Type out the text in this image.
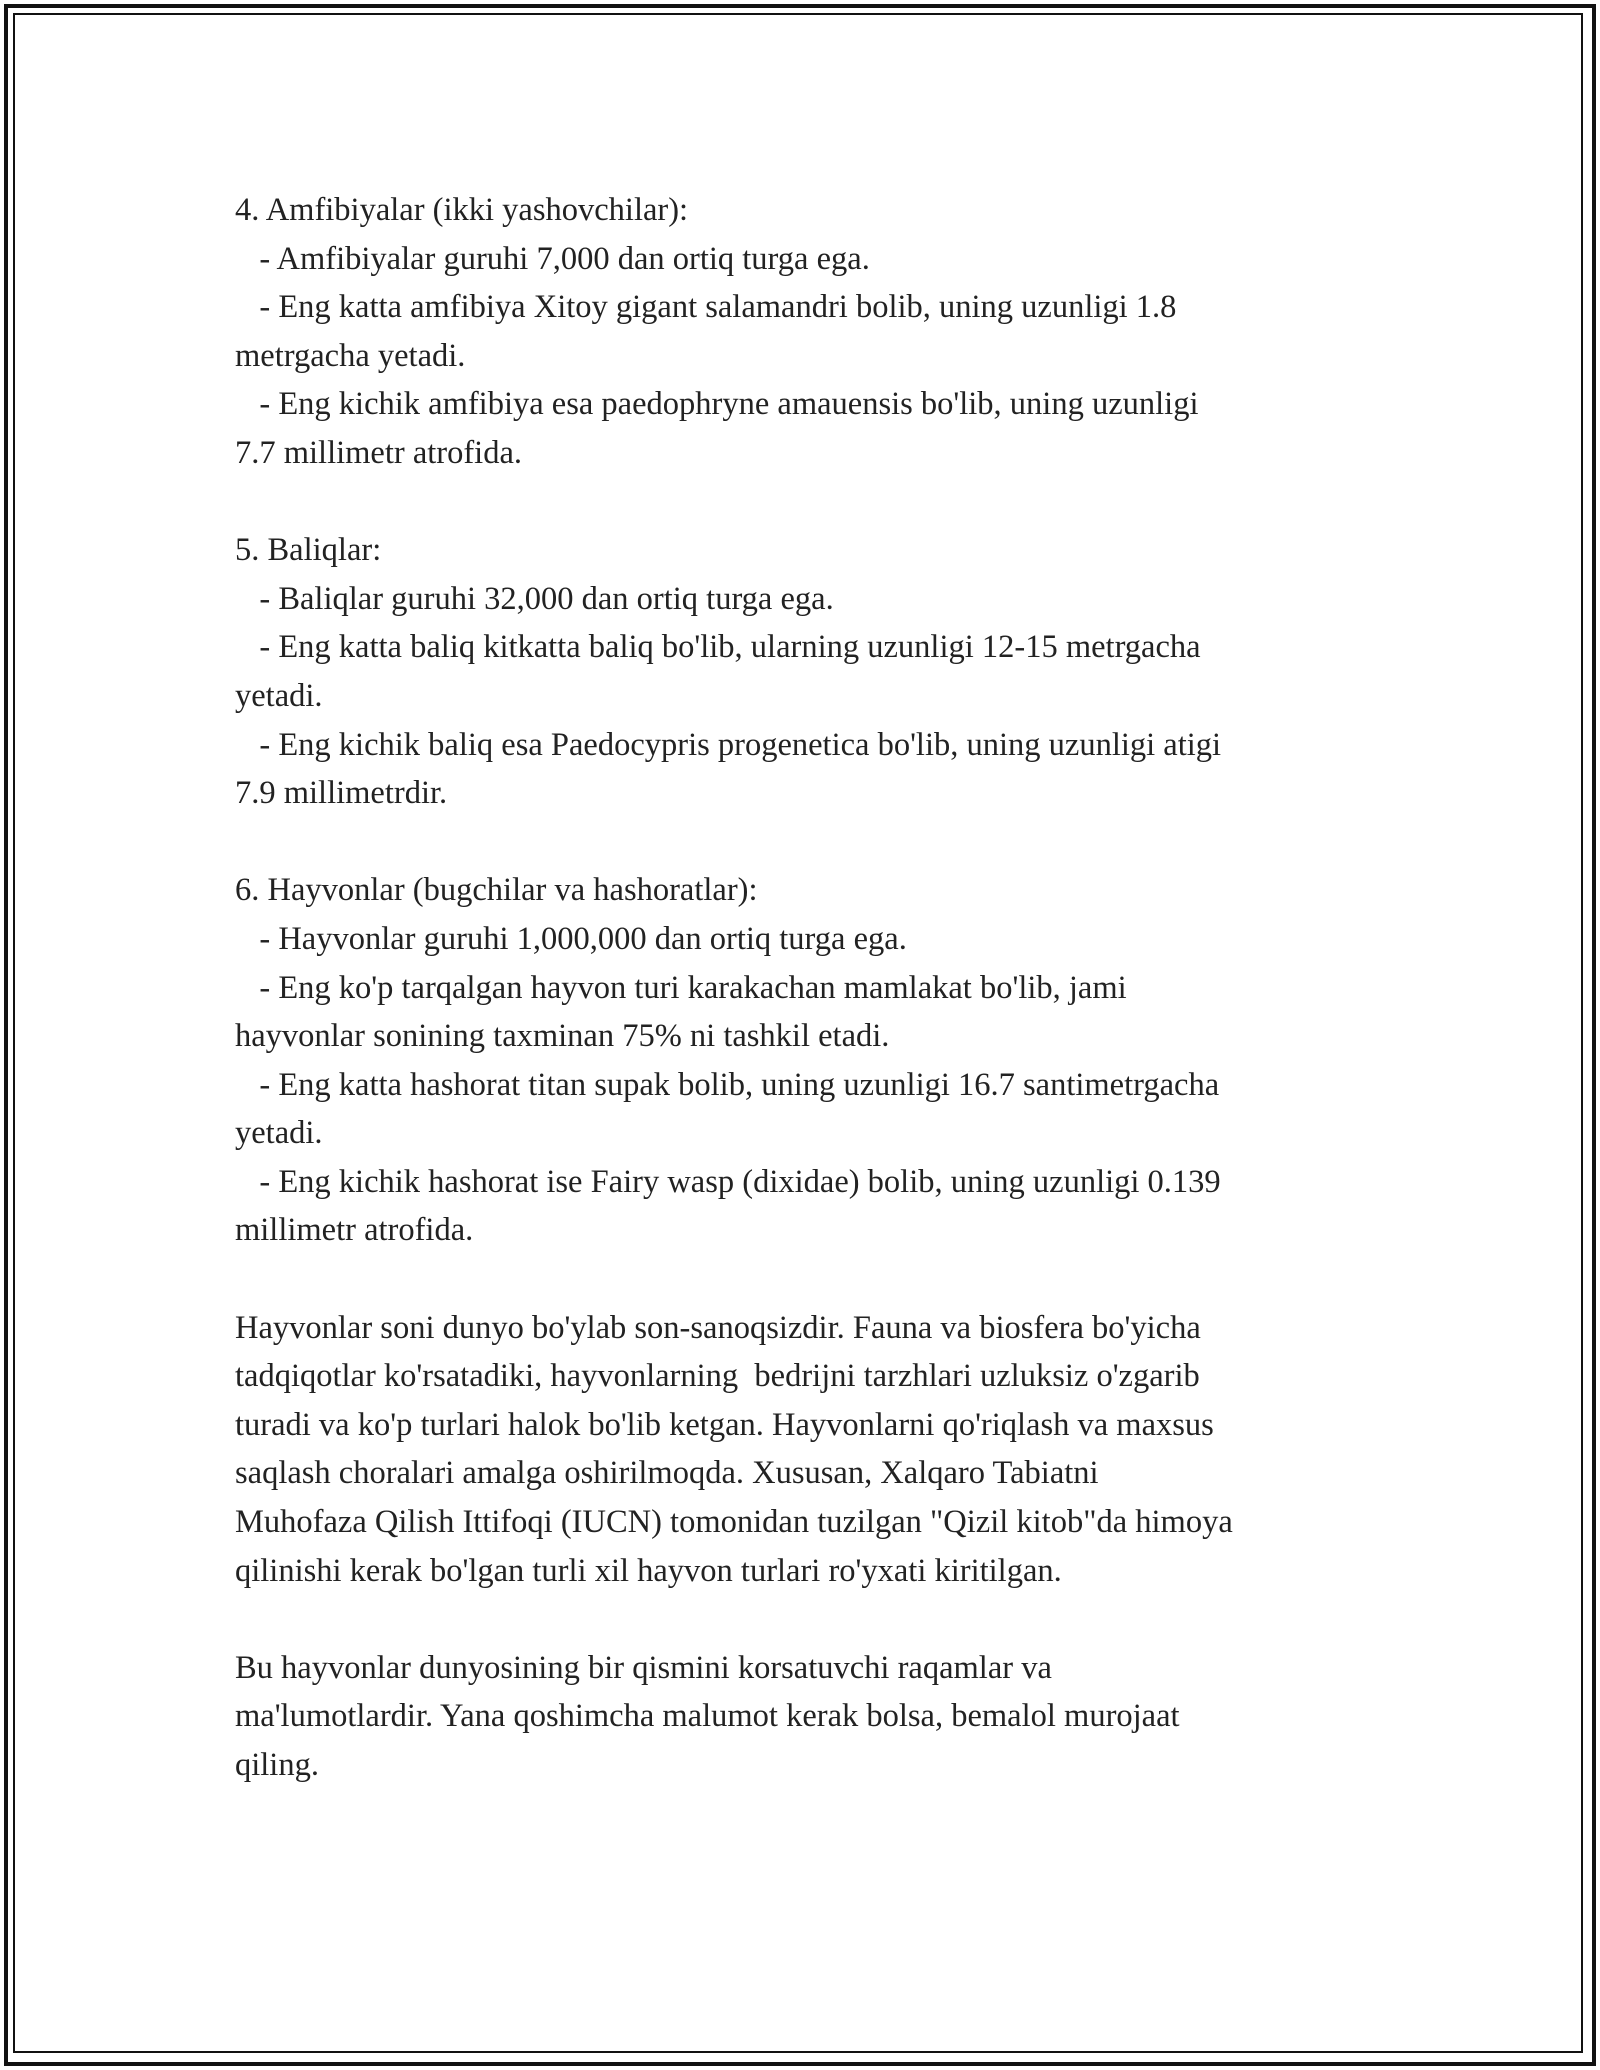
4. Amfibiyalar (ikki yashovchilar):
- Amfibiyalar guruhi 7,000 dan ortiq turga ega.
- Eng katta amfibiya Xitoy gigant salamandri bolib, uning uzunligi 1.8
metrgacha yetadi.
- Eng kichik amfibiya esa paedophryne amauensis bo'lib, uning uzunligi
7.7 millimetr atrofida.
5. Baliqlar:
- Baliqlar guruhi 32,000 dan ortiq turga ega.
- Eng katta baliq kitkatta baliq bo'lib, ularning uzunligi 12-15 metrgacha
yetadi.
- Eng kichik baliq esa Paedocypris progenetica bo'lib, uning uzunligi atigi
7.9 millimetrdir.
6. Hayvonlar (bugchilar va hashoratlar):
- Hayvonlar guruhi 1,000,000 dan ortiq turga ega.
- Eng ko'p tarqalgan hayvon turi karakachan mamlakat bo'lib, jami
hayvonlar sonining taxminan 75% ni tashkil etadi.
- Eng katta hashorat titan supak bolib, uning uzunligi 16.7 santimetrgacha
yetadi.
- Eng kichik hashorat ise Fairy wasp (dixidae) bolib, uning uzunligi 0.139
millimetr atrofida.
Hayvonlar soni dunyo bo'ylab son-sanoqsizdir. Fauna va biosfera bo'yicha
tadqiqotlar ko'rsatadiki, hayvonlarning  bedrijni tarzhlari uzluksiz o'zgarib
turadi va ko'p turlari halok bo'lib ketgan. Hayvonlarni qo'riqlash va maxsus
saqlash choralari amalga oshirilmoqda. Xususan, Xalqaro Tabiatni
Muhofaza Qilish Ittifoqi (IUCN) tomonidan tuzilgan "Qizil kitob"da himoya
qilinishi kerak bo'lgan turli xil hayvon turlari ro'yxati kiritilgan.
Bu hayvonlar dunyosining bir qismini korsatuvchi raqamlar va
ma'lumotlardir. Yana qoshimcha malumot kerak bolsa, bemalol murojaat
qiling.
